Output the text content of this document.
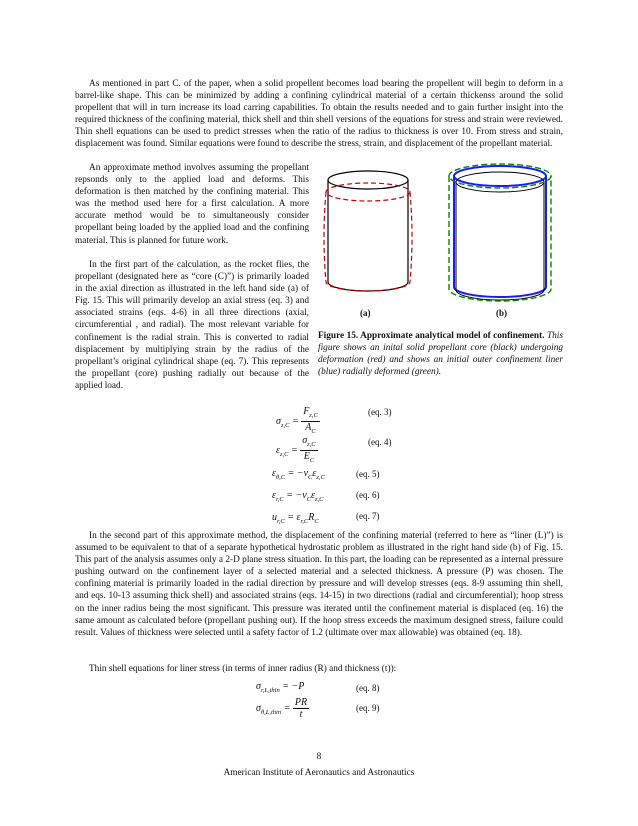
As mentioned in part C. of the paper, when a solid propellent becomes load bearing the propellent will begin to deform in a barrel-like shape. This can be minimized by adding a confining cylindrical material of a certain thickenss around the solid propellent that will in turn increase its load carring capabilities. To obtain the results needed and to gain further insight into the required thickness of the confining material, thick shell and thin shell versions of the equations for stress and strain were reviewed. Thin shell equations can be used to predict stresses when the ratio of the radius to thickness is over 10. From stress and strain, displacement was found. Similar equations were found to describe the stress, strain, and displacement of the propellant material.

An approximate method involves assuming the propellant repsonds only to the applied load and deforms. This deformation is then matched by the confining material. This was the method used here for a first calculation. A more accurate method would be to simultaneously consider propellant being loaded by the applied load and the confining material. This is planned for future work.

In the first part of the calculation, as the rocket flies, the propellant (designated here as “core (C)”) is primarily loaded in the axial direction as illustrated in the left hand side (a) of Fig. 15. This will primarily develop an axial stress (eq. 3) and associated strains (eqs. 4-6) in all three directions (axial, circumferential , and radial). The most relevant variable for confinement is the radial strain. This is converted to radial displacement by multiplying strain by the radius of the propellant’s original cylindrical shape (eq. 7). This represents the propellant (core) pushing radially out because of the applied load.

(a)	(b)
Figure 15. Approximate analytical model of confinement. This figure shows an inital solid propellant core (black) undergoing deformation (red) and shows an initial outer confinement liner (blue) radially deformed (green).
$\sigma_{z,C} = \frac{F_{z,C}}{A_C}$	(eq. 3)
$\varepsilon_{z,C} = \frac{\sigma_{z,C}}{E_C}$	(eq. 4)
$\varepsilon_{\theta,C} = -\nu_C\varepsilon_{z,C}$	(eq. 5)
$\varepsilon_{r,C} = -\nu_C\varepsilon_{z,C}$	(eq. 6)
$u_{r,C} = \varepsilon_{r,C}R_C$
(eq. 7)

In the second part of this approximate method, the displacement of the confining material (referred to here as “liner (L)”) is assumed to be equivalent to that of a separate hypothetical hydrostatic problem as illustrated in the right hand side (b) of Fig. 15. This part of the analysis assumes only a 2-D plane stress situation. In this part, the loading can be represented as a internal pressure pushing outward on the confinement layer of a selected material and a selected thickness. A pressure (P) was chosen. The confining material is primarily loaded in the radial direction by pressure and will develop stresses (eqs. 8-9 assuming thin shell, and eqs. 10-13 assuming thick shell) and associated strains (eqs. 14-15) in two directions (radial and circumferential); hoop stress on the inner radius being the most significant. This pressure was iterated until the confinement material is displaced (eq. 16) the same amount as calculated before (propellant pushing out). If the hoop stress exceeds the maximum designed stress, failure could result. Values of thickness were selected until a safety factor of 1.2 (ultimate over max allowable) was obtained (eq. 18).

Thin shell equations for liner stress (in terms of inner radius (R) and thickness (t)):

$\sigma_{r,L,thin} = -P$	(eq. 8)
$\sigma_{\theta,L,thin} = \frac{PR}{t}$	(eq. 9)
8
American Institute of Aeronautics and Astronautics
